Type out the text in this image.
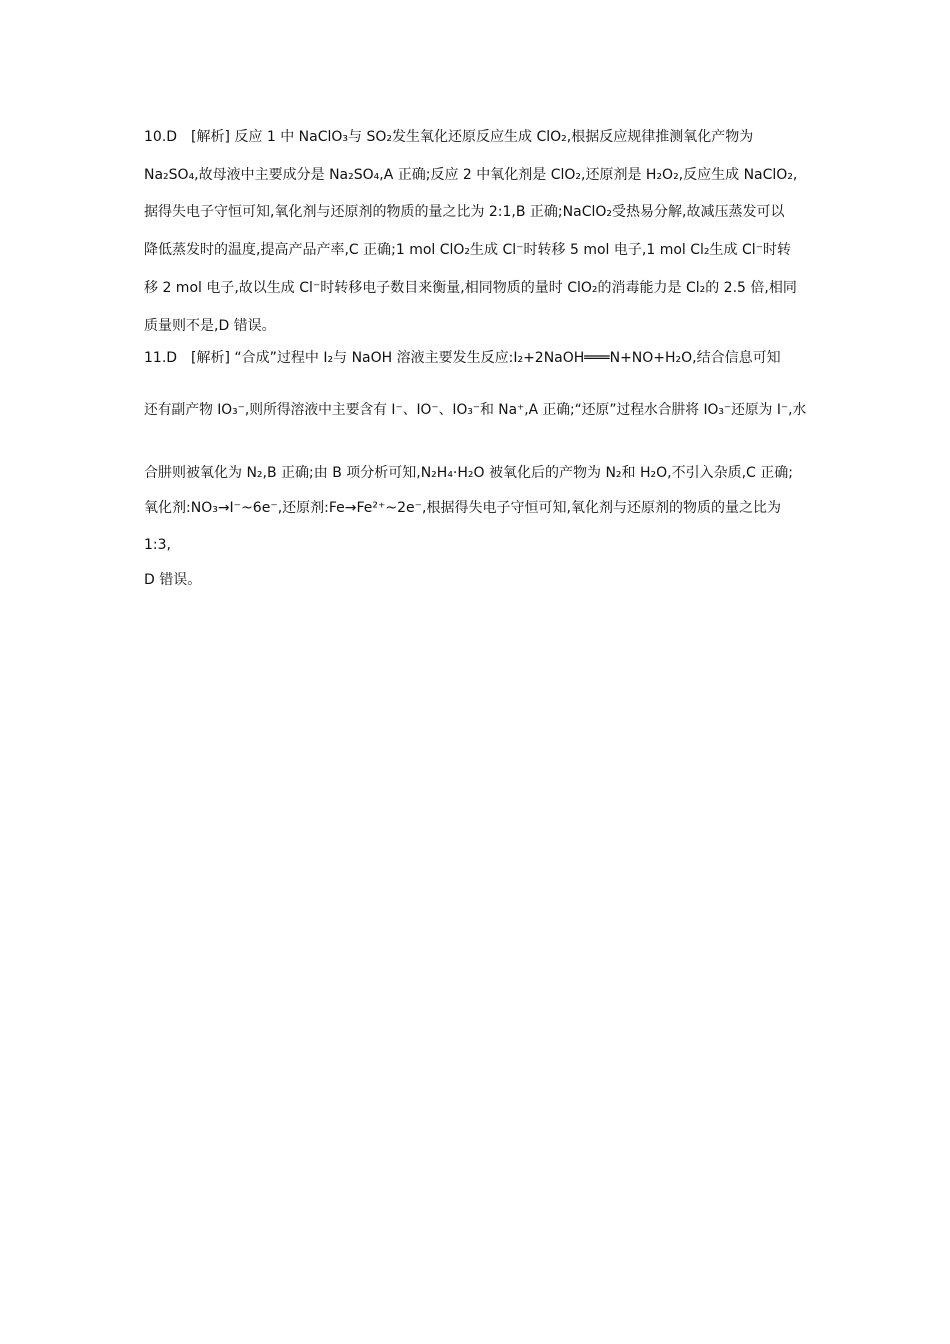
10.D　[解析] 反应 1 中 NaClO₃与 SO₂发生氧化还原反应生成 ClO₂,根据反应规律推测氧化产物为
Na₂SO₄,故母液中主要成分是 Na₂SO₄,A 正确;反应 2 中氧化剂是 ClO₂,还原剂是 H₂O₂,反应生成 NaClO₂,
据得失电子守恒可知,氧化剂与还原剂的物质的量之比为 2:1,B 正确;NaClO₂受热易分解,故减压蒸发可以
降低蒸发时的温度,提高产品产率,C 正确;1 mol ClO₂生成 Cl⁻时转移 5 mol 电子,1 mol Cl₂生成 Cl⁻时转
移 2 mol 电子,故以生成 Cl⁻时转移电子数目来衡量,相同物质的量时 ClO₂的消毒能力是 Cl₂的 2.5 倍,相同
质量则不是,D 错误。
11.D　[解析] “合成”过程中 I₂与 NaOH 溶液主要发生反应:I₂+2NaOH═══N+NO+H₂O,结合信息可知
还有副产物 IO₃⁻,则所得溶液中主要含有 I⁻、IO⁻、IO₃⁻和 Na⁺,A 正确;“还原”过程水合肼将 IO₃⁻还原为 I⁻,水
合肼则被氧化为 N₂,B 正确;由 B 项分析可知,N₂H₄·H₂O 被氧化后的产物为 N₂和 H₂O,不引入杂质,C 正确;
氧化剂:NO₃→I⁻~6e⁻,还原剂:Fe→Fe²⁺~2e⁻,根据得失电子守恒可知,氧化剂与还原剂的物质的量之比为
1:3,
D 错误。
